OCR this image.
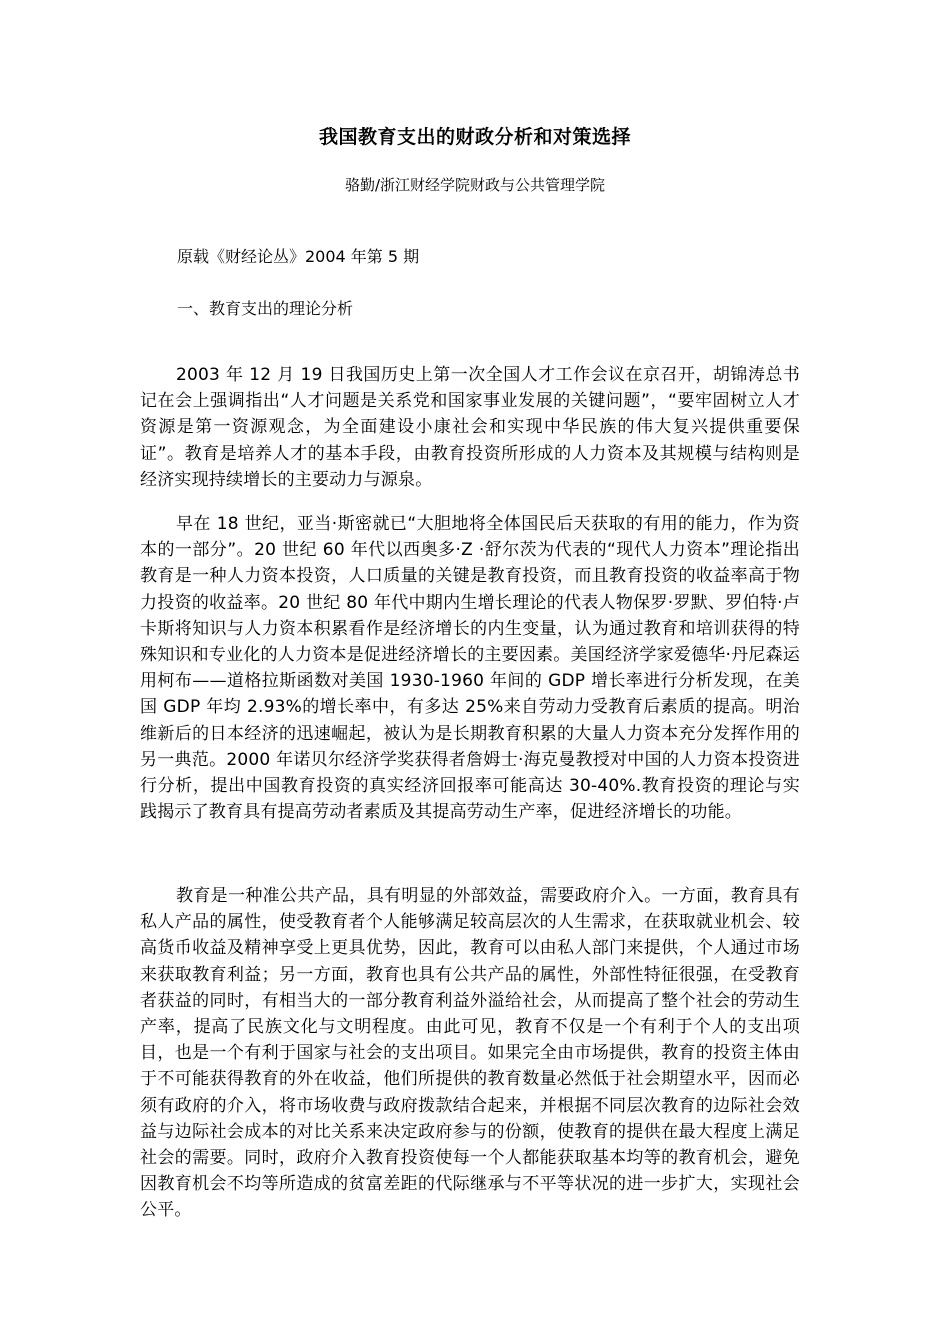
我国教育支出的财政分析和对策选择
骆勤/浙江财经学院财政与公共管理学院
原载《财经论丛》2004 年第 5 期
一、教育支出的理论分析

2003 年 12 月 19 日我国历史上第一次全国人才工作会议在京召开，胡锦涛总书记在会上强调指出“人才问题是关系党和国家事业发展的关键问题”，“要牢固树立人才资源是第一资源观念，为全面建设小康社会和实现中华民族的伟大复兴提供重要保证”。教育是培养人才的基本手段，由教育投资所形成的人力资本及其规模与结构则是经济实现持续增长的主要动力与源泉。

早在 18 世纪，亚当·斯密就已“大胆地将全体国民后天获取的有用的能力，作为资本的一部分”。20 世纪 60 年代以西奥多·Z ·舒尔茨为代表的“现代人力资本”理论指出教育是一种人力资本投资，人口质量的关键是教育投资，而且教育投资的收益率高于物力投资的收益率。20 世纪 80 年代中期内生增长理论的代表人物保罗·罗默、罗伯特·卢卡斯将知识与人力资本积累看作是经济增长的内生变量，认为通过教育和培训获得的特殊知识和专业化的人力资本是促进经济增长的主要因素。美国经济学家爱德华·丹尼森运用柯布——道格拉斯函数对美国 1930-1960 年间的 GDP 增长率进行分析发现，在美国 GDP 年均 2.93%的增长率中，有多达 25%来自劳动力受教育后素质的提高。明治维新后的日本经济的迅速崛起，被认为是长期教育积累的大量人力资本充分发挥作用的另一典范。2000 年诺贝尔经济学奖获得者詹姆士·海克曼教授对中国的人力资本投资进行分析，提出中国教育投资的真实经济回报率可能高达 30-40%.教育投资的理论与实践揭示了教育具有提高劳动者素质及其提高劳动生产率，促进经济增长的功能。

教育是一种准公共产品，具有明显的外部效益，需要政府介入。一方面，教育具有私人产品的属性，使受教育者个人能够满足较高层次的人生需求，在获取就业机会、较高货币收益及精神享受上更具优势，因此，教育可以由私人部门来提供，个人通过市场来获取教育利益；另一方面，教育也具有公共产品的属性，外部性特征很强，在受教育者获益的同时，有相当大的一部分教育利益外溢给社会，从而提高了整个社会的劳动生产率，提高了民族文化与文明程度。由此可见，教育不仅是一个有利于个人的支出项目，也是一个有利于国家与社会的支出项目。如果完全由市场提供，教育的投资主体由于不可能获得教育的外在收益，他们所提供的教育数量必然低于社会期望水平，因而必须有政府的介入，将市场收费与政府拨款结合起来，并根据不同层次教育的边际社会效益与边际社会成本的对比关系来决定政府参与的份额，使教育的提供在最大程度上满足社会的需要。同时，政府介入教育投资使每一个人都能获取基本均等的教育机会，避免因教育机会不均等所造成的贫富差距的代际继承与不平等状况的进一步扩大，实现社会公平。
